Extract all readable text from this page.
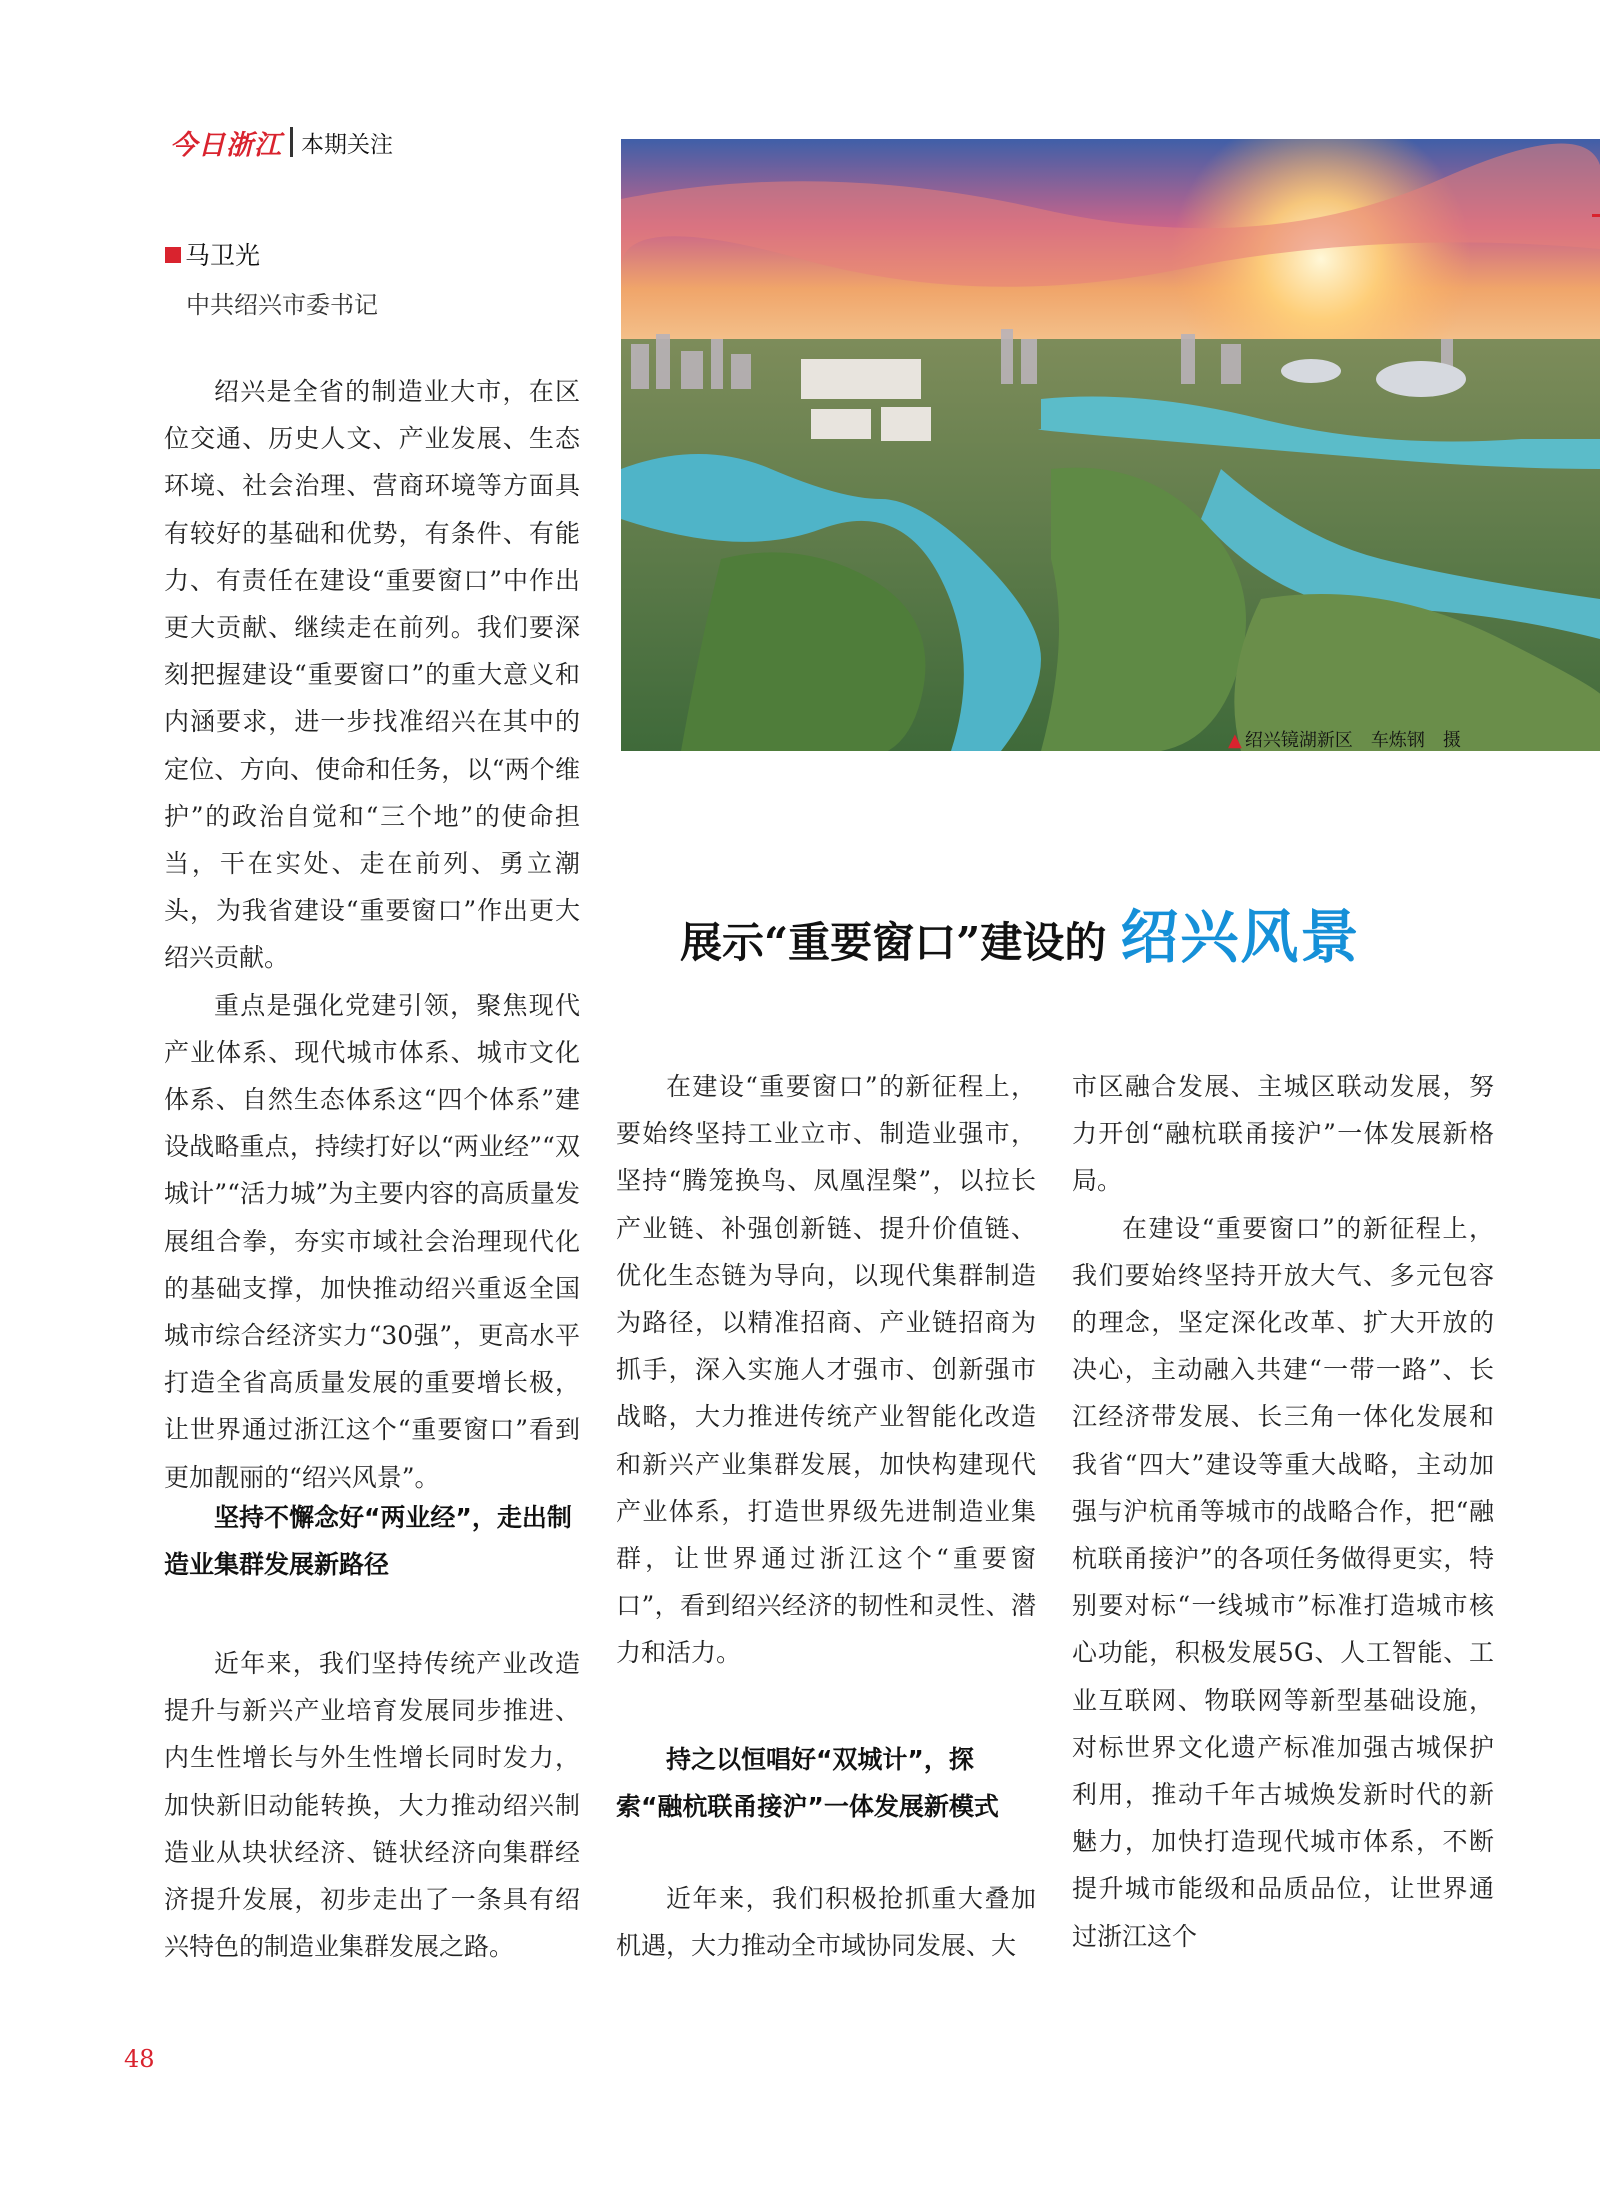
今日浙江 本期关注
马卫光
中共绍兴市委书记

绍兴是全省的制造业大市，在区位交通、历史人文、产业发展、生态环境、社会治理、营商环境等方面具有较好的基础和优势，有条件、有能力、有责任在建设“重要窗口”中作出更大贡献、继续走在前列。我们要深刻把握建设“重要窗口”的重大意义和内涵要求，进一步找准绍兴在其中的定位、方向、使命和任务，以“两个维护”的政治自觉和“三个地”的使命担当，干在实处、走在前列、勇立潮头，为我省建设“重要窗口”作出更大绍兴贡献。

重点是强化党建引领，聚焦现代产业体系、现代城市体系、城市文化体系、自然生态体系这“四个体系”建设战略重点，持续打好以“两业经”“双城计”“活力城”为主要内容的高质量发展组合拳，夯实市域社会治理现代化的基础支撑，加快推动绍兴重返全国城市综合经济实力“30强”，更高水平打造全省高质量发展的重要增长极，让世界通过浙江这个“重要窗口”看到更加靓丽的“绍兴风景”。

坚持不懈念好“两业经”，走出制造业集群发展新路径

近年来，我们坚持传统产业改造提升与新兴产业培育发展同步推进、内生性增长与外生性增长同时发力，加快新旧动能转换，大力推动绍兴制造业从块状经济、链状经济向集群经济提升发展，初步走出了一条具有绍兴特色的制造业集群发展之路。

▲ 绍兴镜湖新区　车炼钢　摄
展示“重要窗口”建设的 绍兴风景

在建设“重要窗口”的新征程上，要始终坚持工业立市、制造业强市，坚持“腾笼换鸟、凤凰涅槃”，以拉长产业链、补强创新链、提升价值链、优化生态链为导向，以现代集群制造为路径，以精准招商、产业链招商为抓手，深入实施人才强市、创新强市战略，大力推进传统产业智能化改造和新兴产业集群发展，加快构建现代产业体系，打造世界级先进制造业集群，让世界通过浙江这个“重要窗口”，看到绍兴经济的韧性和灵性、潜力和活力。

持之以恒唱好“双城计”，探索“融杭联甬接沪”一体发展新模式

近年来，我们积极抢抓重大叠加机遇，大力推动全市域协同发展、大

市区融合发展、主城区联动发展，努力开创“融杭联甬接沪”一体发展新格局。

在建设“重要窗口”的新征程上，我们要始终坚持开放大气、多元包容的理念，坚定深化改革、扩大开放的决心，主动融入共建“一带一路”、长江经济带发展、长三角一体化发展和我省“四大”建设等重大战略，主动加强与沪杭甬等城市的战略合作，把“融杭联甬接沪”的各项任务做得更实，特别要对标“一线城市”标准打造城市核心功能，积极发展5G、人工智能、工业互联网、物联网等新型基础设施，对标世界文化遗产标准加强古城保护利用，推动千年古城焕发新时代的新魅力，加快打造现代城市体系，不断提升城市能级和品质品位，让世界通过浙江这个

48
